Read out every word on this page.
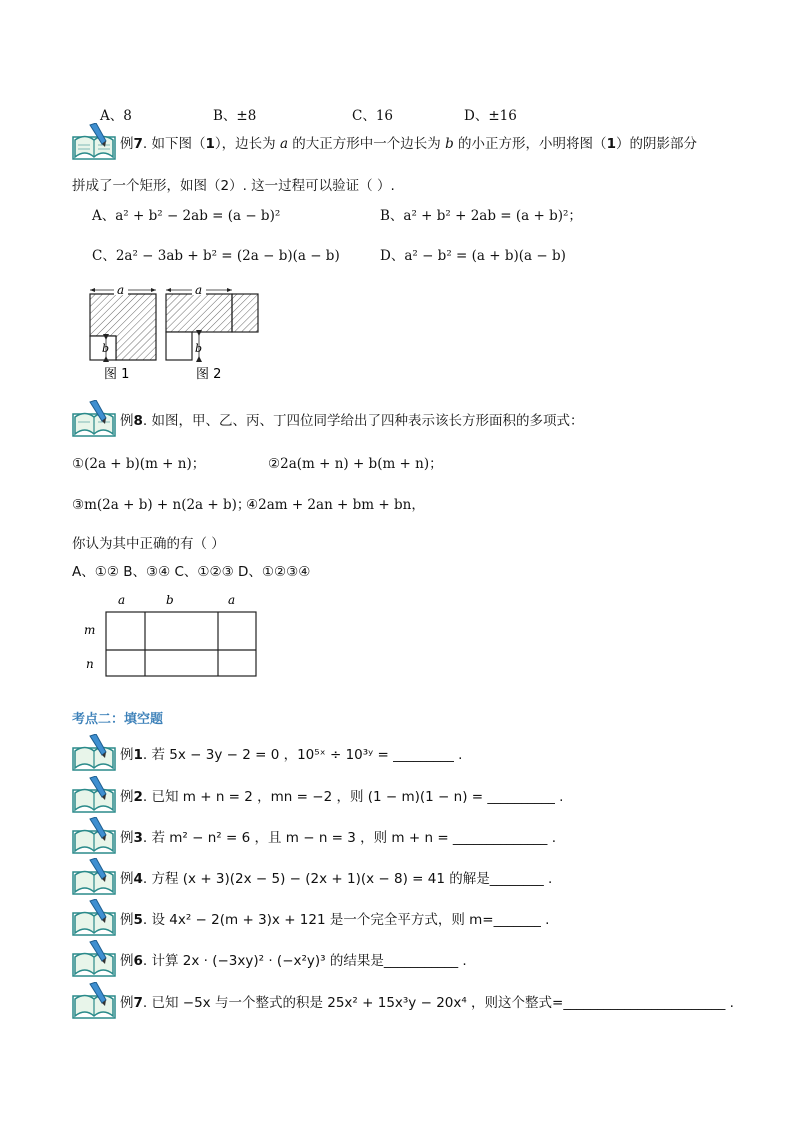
A、8	B、±8	C、16	D、±16
例7 . 如下图（1），边长为 a 的大正方形中一个边长为 b 的小正方形，小明将图（1）的阴影部分
拼成了一个矩形，如图（2）. 这一过程可以验证（ ）.
A、a² + b² − 2ab = (a − b)²	B、a² + b² + 2ab = (a + b)²；
C、2a² − 3ab + b² = (2a − b)(a − b)	D、a² − b² = (a + b)(a − b)
a
b
图 1
a
b
图 2
例8 . 如图，甲、乙、丙、丁四位同学给出了四种表示该长方形面积的多项式：
①(2a + b)(m + n)；	②2a(m + n) + b(m + n)；
③m(2a + b) + n(2a + b)；
④2am + 2an + bm + bn，
你认为其中正确的有（ ）
A、①② B、③④ C、①②③ D、①②③④
a	b	a
m
n
考点二：填空题
例1 . 若 5x − 3y − 2 = 0 ，10⁵ˣ ÷ 10³ʸ = _________ .
例2 . 已知 m + n = 2 ，mn = −2 ，则 (1 − m)(1 − n) = __________ .
例3 . 若 m² − n² = 6 ，且 m − n = 3 ，则 m + n = ______________ .
例4 . 方程 (x + 3)(2x − 5) − (2x + 1)(x − 8) = 41 的解是________ .
例5 . 设 4x² − 2(m + 3)x + 121 是一个完全平方式，则 m=_______ .
例6 . 计算 2x · (−3xy)² · (−x²y)³ 的结果是___________ .
例7 . 已知 −5x 与一个整式的积是 25x² + 15x³y − 20x⁴ ，则这个整式=________________________ .
